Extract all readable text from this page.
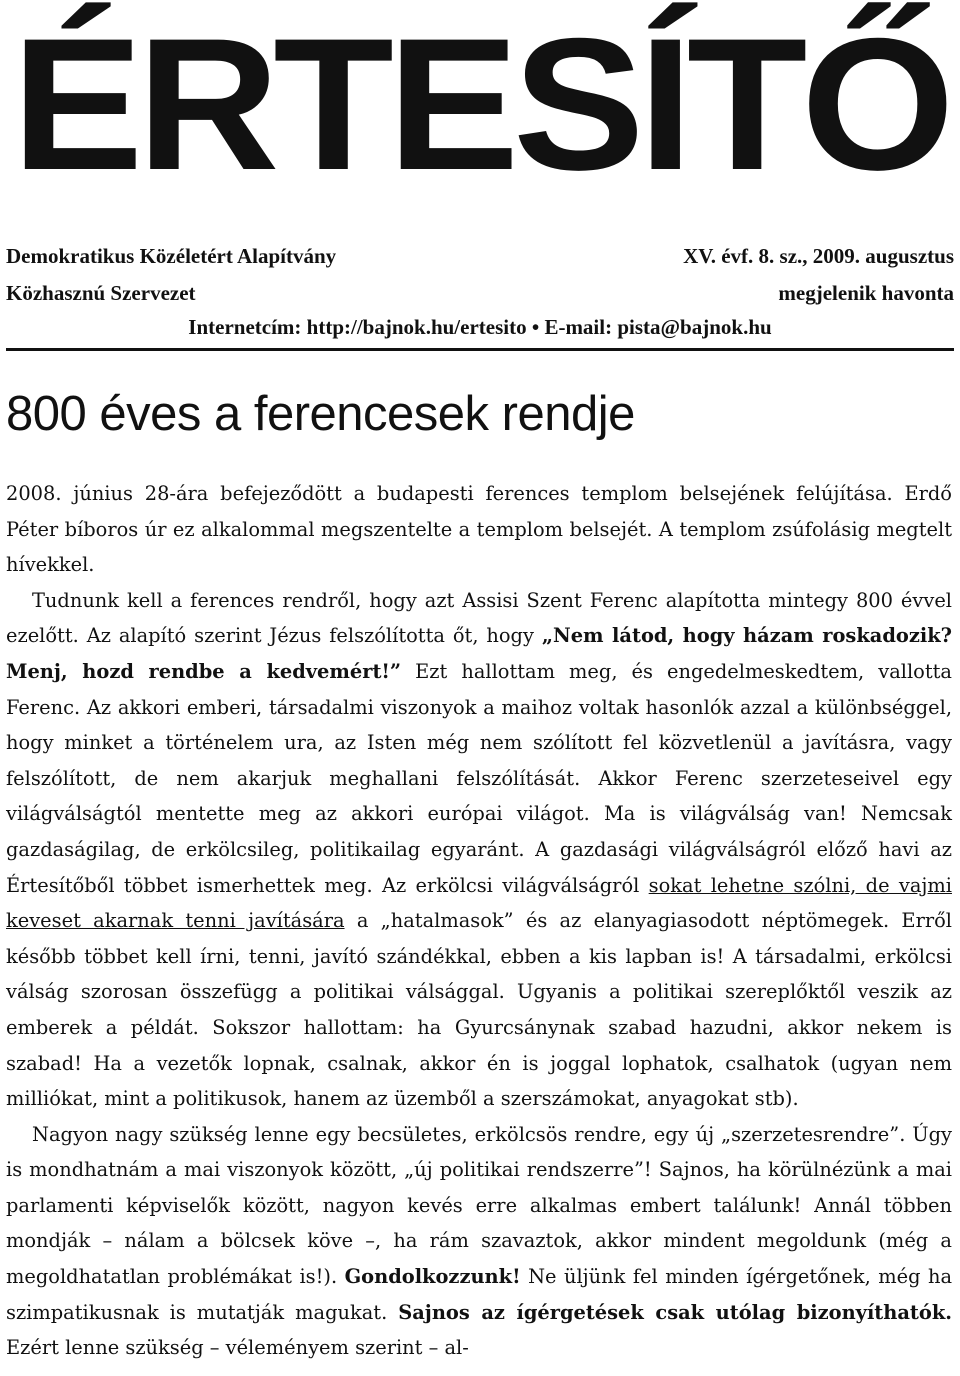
ÉRTESÍTŐ
Demokratikus Közéletért Alapítvány	XV. évf. 8. sz., 2009. augusztus
Közhasznú Szervezet	megjelenik havonta
Internetcím: http://bajnok.hu/ertesito • E-mail: pista@bajnok.hu
800 éves a ferencesek rendje

2008. június 28-ára befejeződött a budapesti ferences templom belsejének felújítása. Erdő Péter bíboros úr ez alkalommal megszentelte a templom belsejét. A templom zsúfolásig megtelt hívekkel.

Tudnunk kell a ferences rendről, hogy azt Assisi Szent Ferenc alapította mintegy 800 évvel ezelőtt. Az alapító szerint Jézus felszólította őt, hogy „Nem látod, hogy házam roskadozik? Menj, hozd rendbe a kedvemért!” Ezt hallottam meg, és engedelmeskedtem, vallotta Ferenc. Az akkori emberi, társadalmi viszonyok a maihoz voltak hasonlók azzal a különbséggel, hogy minket a történelem ura, az Isten még nem szólított fel közvetlenül a javításra, vagy felszólított, de nem akarjuk meghallani felszólítását. Akkor Ferenc szerzeteseivel egy világválságtól mentette meg az akkori európai világot. Ma is világválság van! Nemcsak gazdaságilag, de erkölcsileg, politikailag egyaránt. A gazdasági világválságról előző havi az Értesítőből többet ismerhettek meg. Az erkölcsi világválságról sokat lehetne szólni, de vajmi keveset akarnak tenni javítására a „hatalmasok” és az elanyagiasodott néptömegek. Erről később többet kell írni, tenni, javító szándékkal, ebben a kis lapban is! A társadalmi, erkölcsi válság szorosan összefügg a politikai válsággal. Ugyanis a politikai szereplőktől veszik az emberek a példát. Sokszor hallottam: ha Gyurcsánynak szabad hazudni, akkor nekem is szabad! Ha a vezetők lopnak, csalnak, akkor én is joggal lophatok, csalhatok (ugyan nem milliókat, mint a politikusok, hanem az üzemből a szerszámokat, anyagokat stb).

Nagyon nagy szükség lenne egy becsületes, erkölcsös rendre, egy új „szerzetesrendre”. Úgy is mondhatnám a mai viszonyok között, „új politikai rendszerre”! Sajnos, ha körülnézünk a mai parlamenti képviselők között, nagyon kevés erre alkalmas embert találunk! Annál többen mondják – nálam a bölcsek köve –, ha rám szavaztok, akkor mindent megoldunk (még a megoldhatatlan problémákat is!). Gondolkozzunk! Ne üljünk fel minden ígérgetőnek, még ha szimpatikusnak is mutatják magukat. Sajnos az ígérgetések csak utólag bizonyíthatók. Ezért lenne szükség – véleményem szerint – al-
